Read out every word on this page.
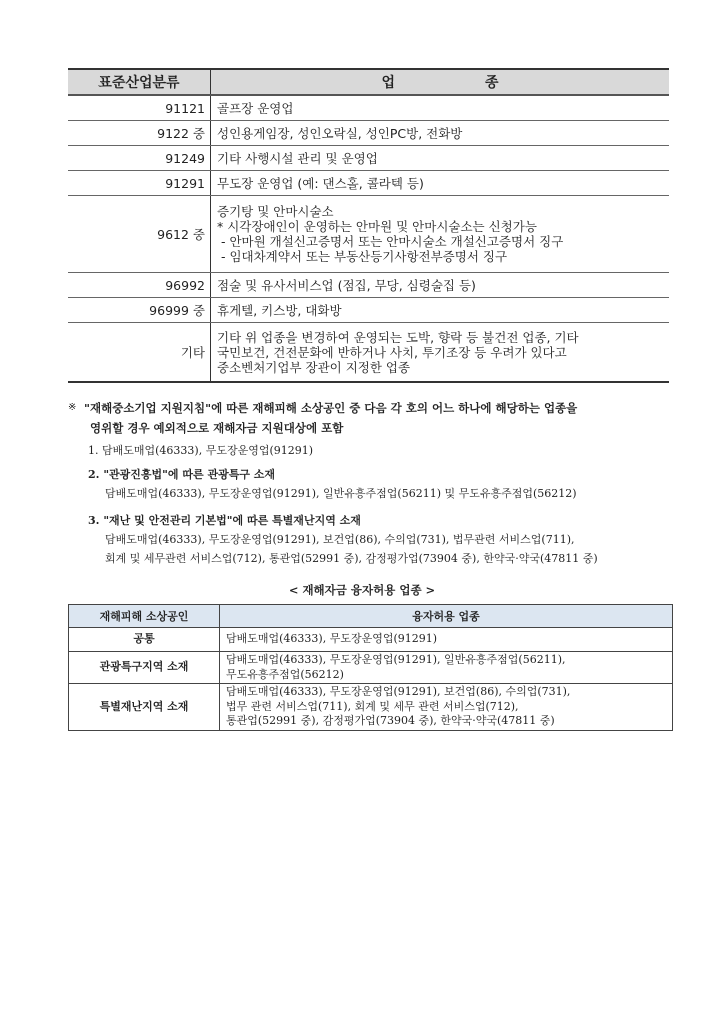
표준산업분류	업 종
91121	골프장 운영업
9122 중	성인용게임장, 성인오락실, 성인PC방, 전화방
91249	기타 사행시설 관리 및 운영업
91291	무도장 운영업 (예: 댄스홀, 콜라텍 등)
9612 중	증기탕 및 안마시술소
* 시각장애인이 운영하는 안마원 및 안마시술소는 신청가능
- 안마원 개설신고증명서 또는 안마시술소 개설신고증명서 징구
- 임대차계약서 또는 부동산등기사항전부증명서 징구

96992	점술 및 유사서비스업 (점집, 무당, 심령술집 등)
96999 중	휴게텔, 키스방, 대화방
기타	기타 위 업종을 변경하여 운영되는 도박, 향락 등 불건전 업종, 기타
국민보건, 건전문화에 반하거나 사치, 투기조장 등 우려가 있다고
중소벤처기업부 장관이 지정한 업종
※ "재해중소기업 지원지침"에 따른 재해피해 소상공인 중 다음 각 호의 어느 하나에 해당하는 업종을
영위할 경우 예외적으로 재해자금 지원대상에 포함
1. 담배도매업(46333), 무도장운영업(91291)
2. "관광진흥법"에 따른 관광특구 소재
담배도매업(46333), 무도장운영업(91291), 일반유흥주점업(56211) 및 무도유흥주점업(56212)
3. "재난 및 안전관리 기본법"에 따른 특별재난지역 소재
담배도매업(46333), 무도장운영업(91291), 보건업(86), 수의업(731), 법무관련 서비스업(711),
회계 및 세무관련 서비스업(712), 통관업(52991 중), 감정평가업(73904 중), 한약국·약국(47811 중)
< 재해자금 융자허용 업종 >
재해피해 소상공인	융자허용 업종
공통	담배도매업(46333), 무도장운영업(91291)
관광특구지역 소재	담배도매업(46333), 무도장운영업(91291), 일반유흥주점업(56211),
무도유흥주점업(56212)

특별재난지역 소재	담배도매업(46333), 무도장운영업(91291), 보건업(86), 수의업(731),
법무 관련 서비스업(711), 회계 및 세무 관련 서비스업(712),
통관업(52991 중), 감정평가업(73904 중), 한약국·약국(47811 중)
